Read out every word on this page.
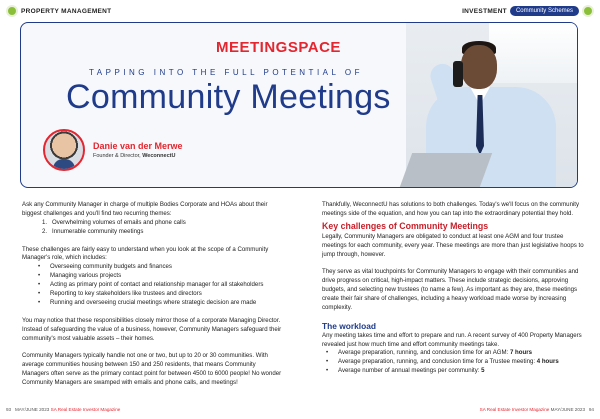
PROPERTY MANAGEMENT	INVESTMENT	Community Schemes
MEETINGSPACE
TAPPING INTO THE FULL POTENTIAL OF
Community Meetings
Danie van der Merwe
Founder & Director, WeconnectU

Ask any Community Manager in charge of multiple Bodies Corporate and HOAs about their biggest challenges and you'll find two recurring themes:

1. Overwhelming volumes of emails and phone calls
2. Innumerable community meetings

These challenges are fairly easy to understand when you look at the scope of a Community Manager's role, which includes:

•	Overseeing community budgets and finances
•	Managing various projects
•	Acting as primary point of contact and relationship manager for all stakeholders
•	Reporting to key stakeholders like trustees and directors
•	Running and overseeing crucial meetings where strategic decision are made

You may notice that these responsibilities closely mirror those of a corporate Managing Director. Instead of safeguarding the value of a business, however, Community Managers safeguard their community's most valuable assets – their homes.

Community Managers typically handle not one or two, but up to 20 or 30 communities. With average communities housing between 150 and 250 residents, that means Community Managers often serve as the primary contact point for between 4500 to 6000 people! No wonder Community Managers are swamped with emails and phone calls, and meetings!

Thankfully, WeconnectU has solutions to both challenges. Today's we'll focus on the community meetings side of the equation, and how you can tap into the extraordinary potential they hold.

Key challenges of Community Meetings

Legally, Community Managers are obligated to conduct at least one AGM and four trustee meetings for each community, every year. These meetings are more than just legislative hoops to jump through, however.

They serve as vital touchpoints for Community Managers to engage with their communities and drive progress on critical, high-impact matters. These include strategic decisions, approving budgets, and selecting new trustees (to name a few). As important as they are, these meetings create their fair share of challenges, including a heavy workload made worse by increasing complexity.

The workload

Any meeting takes time and effort to prepare and run. A recent survey of 400 Property Managers revealed just how much time and effort community meetings take.

•	Average preparation, running, and conclusion time for an AGM: 7 hours
•	Average preparation, running, and conclusion time for a Trustee meeting: 4 hours
•	Average number of annual meetings per community: 5
93 MAY/JUNE 2023 SA Real Estate Investor Magazine	SA Real Estate Investor Magazine MAY/JUNE 2023 94
